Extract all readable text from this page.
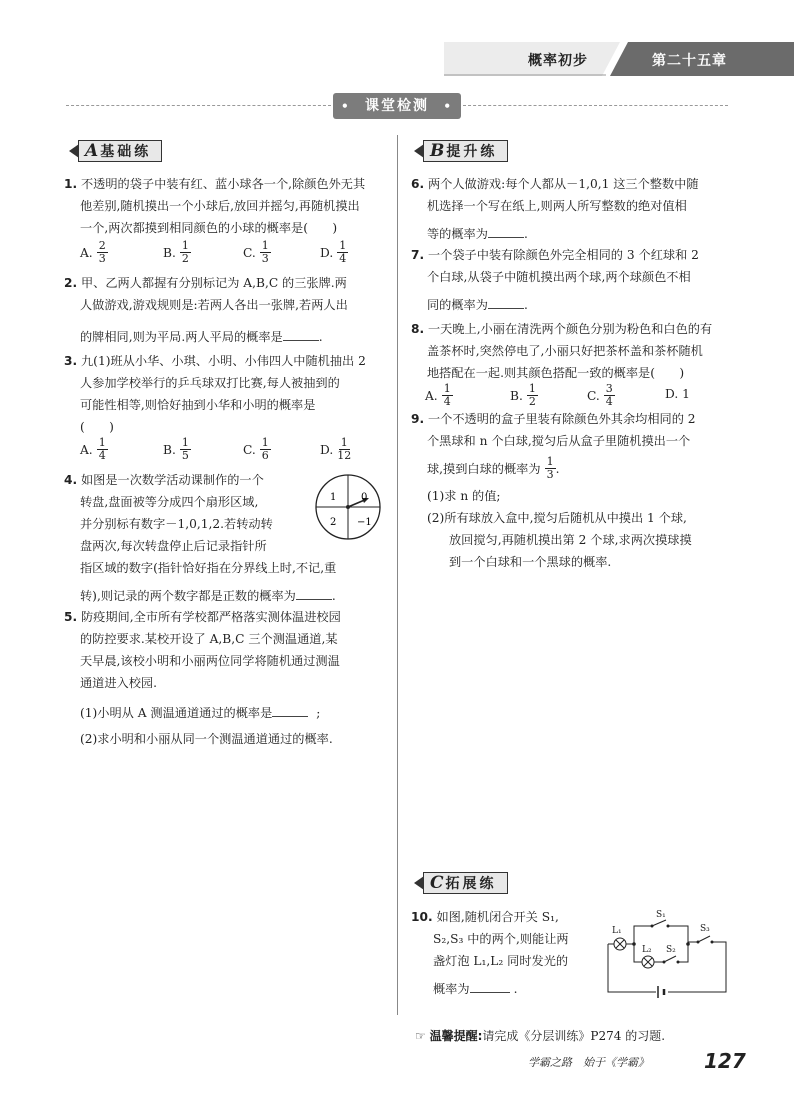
概率初步	第二十五章
• 课堂检测 •
A 基础练
1. 不透明的袋子中装有红、蓝小球各一个,除颜色外无其
他差别,随机摸出一个小球后,放回并摇匀,再随机摸出
一个,两次都摸到相同颜色的小球的概率是(　　)
A. $\frac{2}{3}$	B. $\frac{1}{2}$	C. $\frac{1}{3}$	D. $\frac{1}{4}$
2. 甲、乙两人都握有分别标记为 A,B,C 的三张牌.两
人做游戏,游戏规则是:若两人各出一张牌,若两人出
的牌相同,则为平局.两人平局的概率是	.
3. 九(1)班从小华、小琪、小明、小伟四人中随机抽出 2
人参加学校举行的乒乓球双打比赛,每人被抽到的
可能性相等,则恰好抽到小华和小明的概率是
(　　)
A. $\frac{1}{4}$	B. $\frac{1}{5}$	C. $\frac{1}{6}$	D. $\frac{1}{12}$
4. 如图是一次数学活动课制作的一个
转盘,盘面被等分成四个扇形区域,
并分别标有数字－1,0,1,2.若转动转
盘两次,每次转盘停止后记录指针所
指区域的数字(指针恰好指在分界线上时,不记,重
转),则记录的两个数字都是正数的概率为	.
1 0
2 −1
5. 防疫期间,全市所有学校都严格落实测体温进校园
的防控要求.某校开设了 A,B,C 三个测温通道,某
天早晨,该校小明和小丽两位同学将随机通过测温
通道进入校园.
(1)小明从 A 测温通道通过的概率是	;
(2)求小明和小丽从同一个测温通道通过的概率.
B 提升练
6. 两个人做游戏:每个人都从－1,0,1 这三个整数中随
机选择一个写在纸上,则两人所写整数的绝对值相
等的概率为	.
7. 一个袋子中装有除颜色外完全相同的 3 个红球和 2
个白球,从袋子中随机摸出两个球,两个球颜色不相
同的概率为	.
8. 一天晚上,小丽在清洗两个颜色分别为粉色和白色的有
盖茶杯时,突然停电了,小丽只好把茶杯盖和茶杯随机
地搭配在一起.则其颜色搭配一致的概率是(　　)
A. $\frac{1}{4}$	B. $\frac{1}{2}$	C. $\frac{3}{4}$	D. 1
9. 一个不透明的盒子里装有除颜色外其余均相同的 2
个黑球和 n 个白球,搅匀后从盒子里随机摸出一个
球,摸到白球的概率为 $\frac{1}{3}$ .
(1)求 n 的值;
(2)所有球放入盒中,搅匀后随机从中摸出 1 个球,
放回搅匀,再随机摸出第 2 个球,求两次摸球摸
到一个白球和一个黑球的概率.
C 拓展练
10. 如图,随机闭合开关 S₁,
S₂,S₃ 中的两个,则能让两
盏灯泡 L₁,L₂ 同时发光的
概率为	.
L₁
S₁
S₃
L₂ S₂
☞ 温馨提醒:请完成《分层训练》P274 的习题.
学霸之路　始于《学霸》	127
